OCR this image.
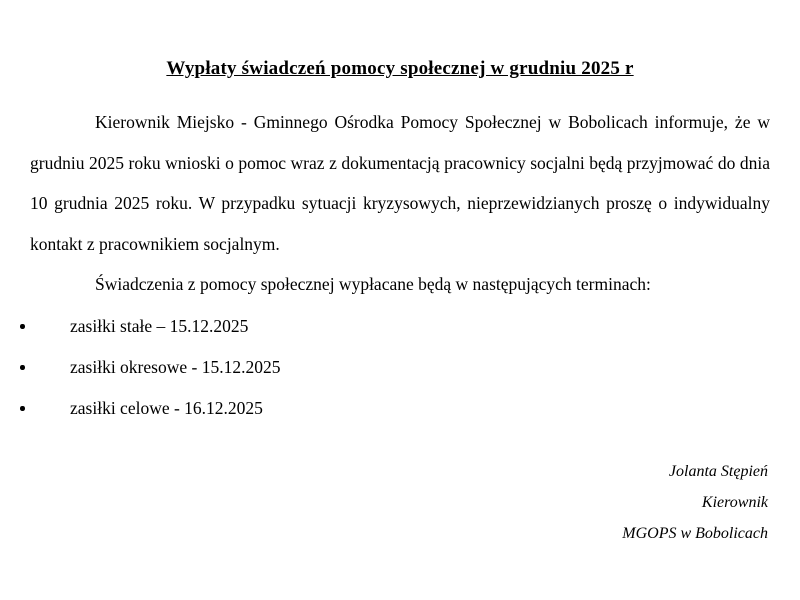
Wypłaty świadczeń pomocy społecznej w grudniu 2025 r

Kierownik Miejsko - Gminnego Ośrodka Pomocy Społecznej w Bobolicach informuje, że w grudniu 2025 roku wnioski o pomoc wraz z dokumentacją pracownicy socjalni będą przyjmować do dnia 10 grudnia 2025 roku. W przypadku sytuacji kryzysowych, nieprzewidzianych proszę o indywidualny kontakt z pracownikiem socjalnym.

Świadczenia z pomocy społecznej wypłacane będą w następujących terminach:

zasiłki stałe – 15.12.2025
zasiłki okresowe - 15.12.2025
zasiłki celowe - 16.12.2025
Jolanta Stępień
Kierownik
MGOPS w Bobolicach
